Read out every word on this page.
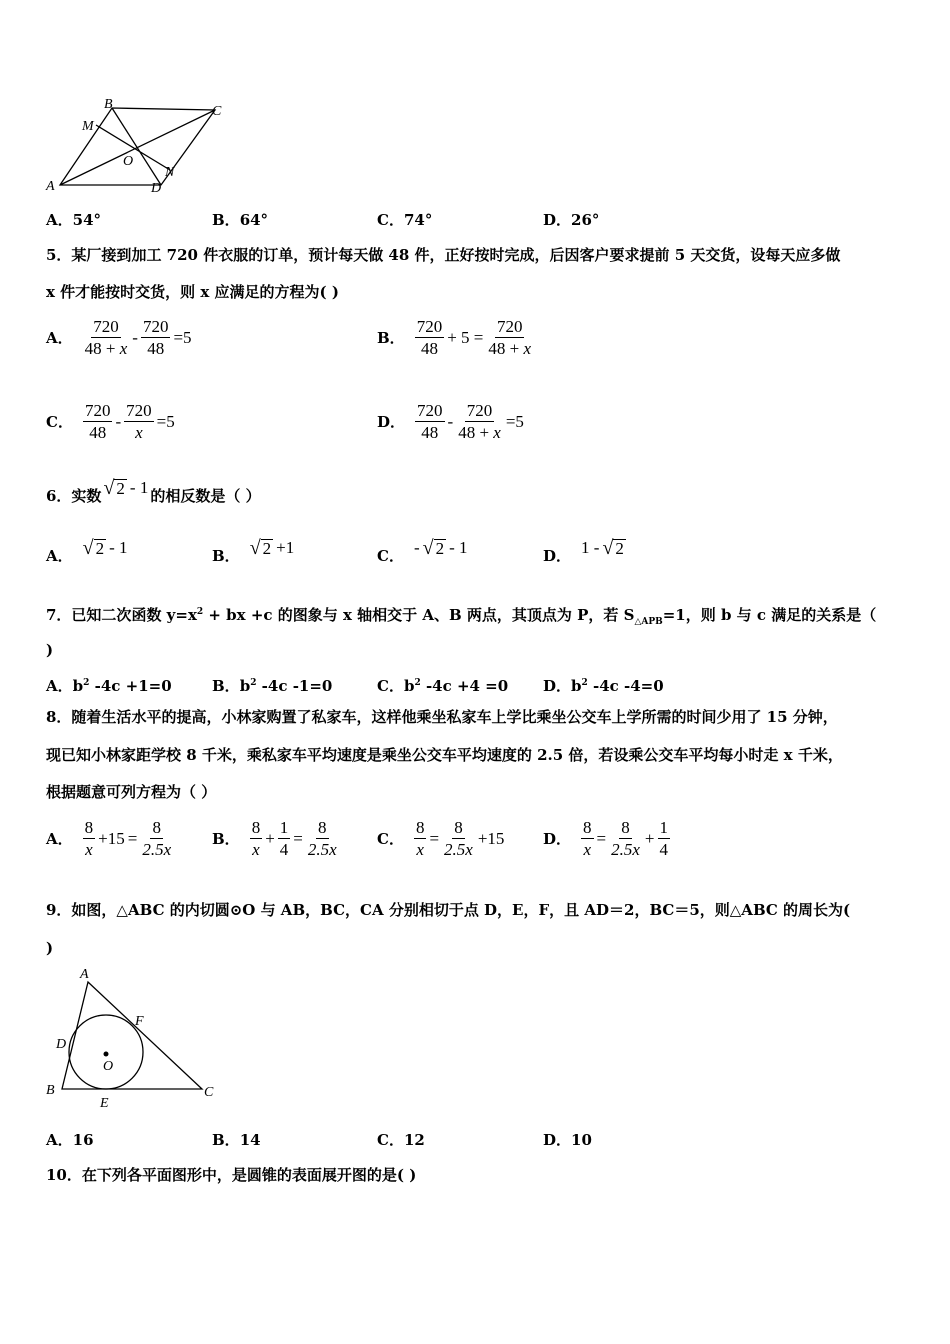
B	C
M
O
N
A	D
A．54°	B．64°	C．74°	D．26°
5．某厂接到加工 720 件衣服的订单，预计每天做 48 件，正好按时完成，后因客户要求提前 5 天交货，设每天应多做
x 件才能按时交货，则 x 应满足的方程为( )
A． $\frac{720}{48 + x} - \frac{720}{48} =5$	B． $\frac{720}{48} + 5 = \frac{720}{48 + x}$
C． $\frac{720}{48} - \frac{720}{x} =5$	D． $\frac{720}{48} - \frac{720}{48 + x} =5$
6．实数 √ 2 - 1 的相反数是（ ）
A． √ 2 - 1	B． √ 2 +1	C． - √ 2 - 1	D． 1 - √ 2
7．已知二次函数 $y=x^2$ + bx +c 的图象与 x 轴相交于 A、B 两点，其顶点为 P，若 $S_{\triangle APB}=1$，则 b 与 c 满足的关系是（
)
A．$b^2$ -4c +1=0	B．$b^2$ -4c -1=0	C．$b^2$ -4c +4 =0 D．$b^2$ -4c -4=0
8．随着生活水平的提高，小林家购置了私家车，这样他乘坐私家车上学比乘坐公交车上学所需的时间少用了 15 分钟，
现已知小林家距学校 8 千米，乘私家车平均速度是乘坐公交车平均速度的 2.5 倍，若设乘公交车平均每小时走 x 千米，
根据题意可列方程为（ ）
A． $\frac{8}{x} +15 = \frac{8}{2.5x}$	B． $\frac{8}{x} + \frac{1}{4} = \frac{8}{2.5x}$	C． $\frac{8}{x} = \frac{8}{2.5x} +15$	D． $\frac{8}{x} = \frac{8}{2.5x} + \frac{1}{4}$
9．如图，△ABC 的内切圆⊙O 与 AB，BC，CA 分别相切于点 D，E，F，且 AD＝2，BC＝5，则△ABC 的周长为(
)
A
F
D
O
B
E
C
A．16	B．14	C．12	D．10
10．在下列各平面图形中，是圆锥的表面展开图的是( )
